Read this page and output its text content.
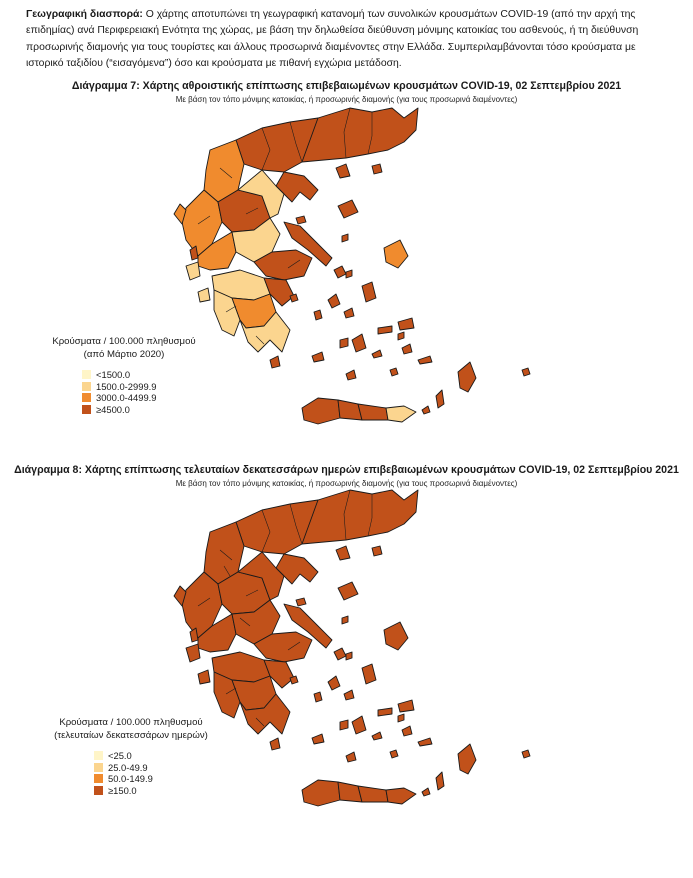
Γεωγραφική διασπορά: Ο χάρτης αποτυπώνει τη γεωγραφική κατανομή των συνολικών κρουσμάτων COVID-19 (από την αρχή της επιδημίας) ανά Περιφερειακή Ενότητα της χώρας, με βάση την δηλωθείσα διεύθυνση μόνιμης κατοικίας του ασθενούς, ή τη διεύθυνση προσωρινής διαμονής για τους τουρίστες και άλλους προσωρινά διαμένοντες στην Ελλάδα. Συμπεριλαμβάνονται τόσο κρούσματα με ιστορικό ταξιδίου (“εισαγόμενα”) όσο και κρούσματα με πιθανή εγχώρια μετάδοση.

Διάγραμμα 7: Χάρτης αθροιστικής επίπτωσης επιβεβαιωμένων κρουσμάτων COVID-19, 02 Σεπτεμβρίου 2021

Με βάση τον τόπο μόνιμης κατοικίας, ή προσωρινής διαμονής (για τους προσωρινά διαμένοντες)

Κρούσματα / 100.000 πληθυσμού
(από Μάρτιο 2020)
<1500.0
1500.0-2999.9
3000.0-4499.9
≥4500.0

Διάγραμμα 8: Χάρτης επίπτωσης τελευταίων δεκατεσσάρων ημερών επιβεβαιωμένων κρουσμάτων COVID-19, 02 Σεπτεμβρίου 2021

Με βάση τον τόπο μόνιμης κατοικίας, ή προσωρινής διαμονής (για τους προσωρινά διαμένοντες)

Κρούσματα / 100.000 πληθυσμού
(τελευταίων δεκατεσσάρων ημερών)
<25.0
25.0-49.9
50.0-149.9
≥150.0
